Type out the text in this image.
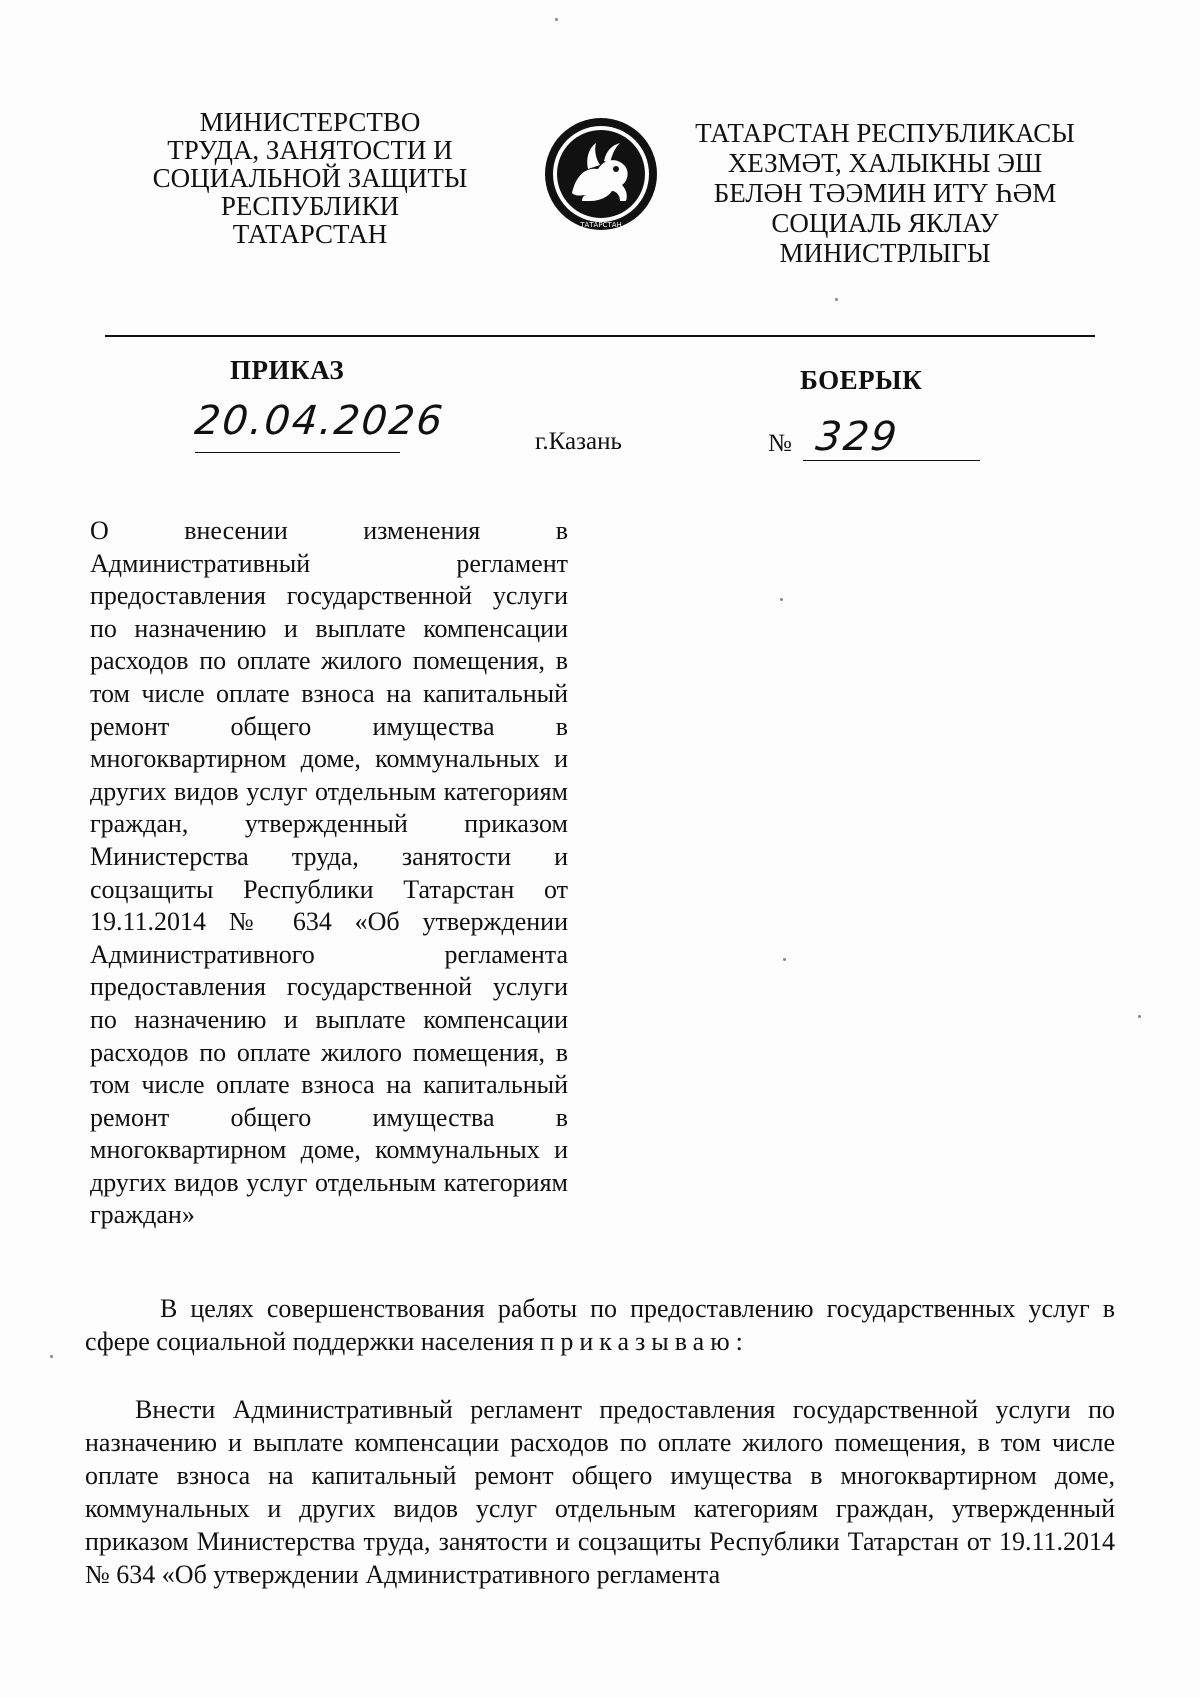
МИНИСТЕРСТВО
ТРУДА, ЗАНЯТОСТИ И
СОЦИАЛЬНОЙ ЗАЩИТЫ
РЕСПУБЛИКИ
ТАТАРСТАН	ТАТАРСТАН
ТАТАРСТАН РЕСПУБЛИКАСЫ
ХЕЗМӘТ, ХАЛЫКНЫ ЭШ
БЕЛӘН ТӘЭМИН ИТҮ ҺӘМ
СОЦИАЛЬ ЯКЛАУ
МИНИСТРЛЫГЫ
ПРИКАЗ	БОЕРЫК
20.04.2026	г.Казань	№ 329

О внесении изменения в Административный регламент предоставления государственной услуги по назначению и выплате компенсации расходов по оплате жилого помещения, в том числе оплате взноса на капитальный ремонт общего имущества в многоквартирном доме, коммунальных и других видов услуг отдельным категориям граждан, утвержденный приказом Министерства труда, занятости и соцзащиты Республики Татарстан от 19.11.2014 № 634 «Об утверждении Административного регламента предоставления государственной услуги по назначению и выплате компенсации расходов по оплате жилого помещения, в том числе оплате взноса на капитальный ремонт общего имущества в многоквартирном доме, коммунальных и других видов услуг отдельным категориям граждан»

В целях совершенствования работы по предоставлению государственных услуг в сфере социальной поддержки населения приказываю:
Внести Административный регламент предоставления государственной услуги по назначению и выплате компенсации расходов по оплате жилого помещения, в том числе оплате взноса на капитальный ремонт общего имущества в многоквартирном доме, коммунальных и других видов услуг отдельным категориям граждан, утвержденный приказом Министерства труда, занятости и соцзащиты Республики Татарстан от 19.11.2014 № 634 «Об утверждении Административного регламента
